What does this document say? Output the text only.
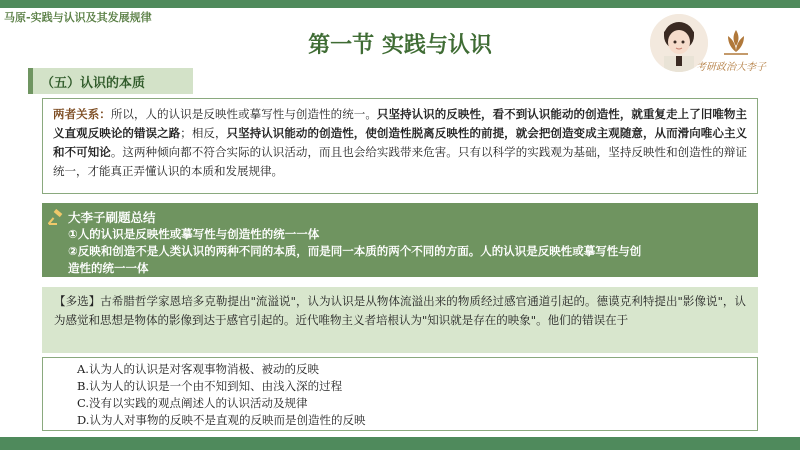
马原-实践与认识及其发展规律
第一节 实践与认识
考研政治大李子
（五）认识的本质

两者关系：所以，人的认识是反映性或摹写性与创造性的统一。只坚持认识的反映性，看不到认识能动的创造性，就重复走上了旧唯物主义直观反映论的错误之路；相反，只坚持认识能动的创造性，使创造性脱离反映性的前提，就会把创造变成主观随意，从而滑向唯心主义和不可知论。这两种倾向都不符合实际的认识活动，而且也会给实践带来危害。只有以科学的实践观为基础，坚持反映性和创造性的辩证统一，才能真正弄懂认识的本质和发展规律。

大李子刷题总结
①人的认识是反映性或摹写性与创造性的统一一体
②反映和创造不是人类认识的两种不同的本质，而是同一本质的两个不同的方面。人的认识是反映性或摹写性与创
造性的统一一体

【多选】古希腊哲学家恩培多克勒提出"流溢说"，认为认识是从物体流溢出来的物质经过感官通道引起的。德谟克利特提出"影像说"，认为感觉和思想是物体的影像到达于感官引起的。近代唯物主义者培根认为"知识就是存在的映象"。他们的错误在于

A.认为人的认识是对客观事物消极、被动的反映
B.认为人的认识是一个由不知到知、由浅入深的过程
C.没有以实践的观点阐述人的认识活动及规律
D.认为人对事物的反映不是直观的反映而是创造性的反映
